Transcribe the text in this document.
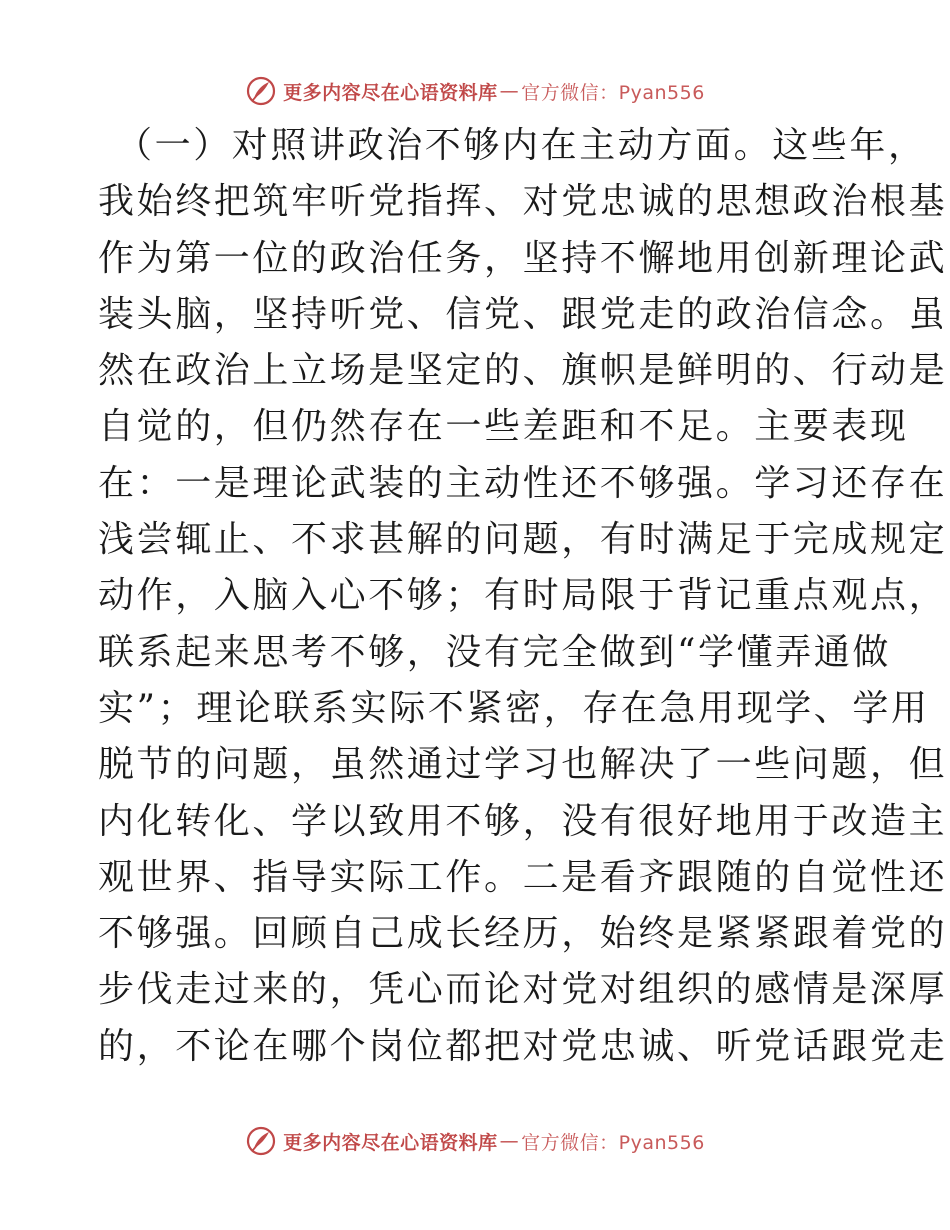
更多内容尽在心语资料库 — 官方微信：Pyan556
（一）对照讲政治不够内在主动方面。这些年，
我始终把筑牢听党指挥、对党忠诚的思想政治根基
作为第一位的政治任务，坚持不懈地用创新理论武
装头脑，坚持听党、信党、跟党走的政治信念。虽
然在政治上立场是坚定的、旗帜是鲜明的、行动是
自觉的，但仍然存在一些差距和不足。主要表现
在：一是理论武装的主动性还不够强。学习还存在
浅尝辄止、不求甚解的问题，有时满足于完成规定
动作，入脑入心不够；有时局限于背记重点观点，
联系起来思考不够，没有完全做到“学懂弄通做
实”；理论联系实际不紧密，存在急用现学、学用
脱节的问题，虽然通过学习也解决了一些问题，但
内化转化、学以致用不够，没有很好地用于改造主
观世界、指导实际工作。二是看齐跟随的自觉性还
不够强。回顾自己成长经历，始终是紧紧跟着党的
步伐走过来的，凭心而论对党对组织的感情是深厚
的，不论在哪个岗位都把对党忠诚、听党话跟党走
更多内容尽在心语资料库 — 官方微信：Pyan556
